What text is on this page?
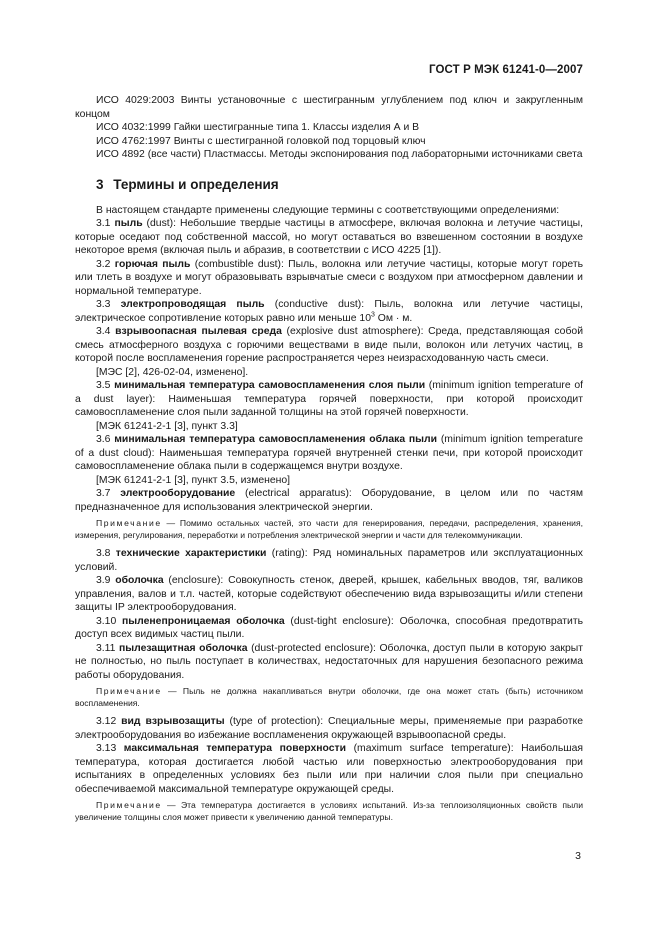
ГОСТ Р МЭК 61241-0—2007

ИСО 4029:2003 Винты установочные с шестигранным углублением под ключ и закругленным концом

ИСО 4032:1999 Гайки шестигранные типа 1. Классы изделия А и В

ИСО 4762:1997 Винты с шестигранной головкой под торцовый ключ

ИСО 4892 (все части) Пластмассы. Методы экспонирования под лабораторными источниками света

3 Термины и определения

В настоящем стандарте применены следующие термины с соответствующими определениями:

3.1 пыль (dust): Небольшие твердые частицы в атмосфере, включая волокна и летучие частицы, которые оседают под собственной массой, но могут оставаться во взвешенном состоянии в воздухе некоторое время (включая пыль и абразив, в соответствии с ИСО 4225 [1]).

3.2 горючая пыль (combustible dust): Пыль, волокна или летучие частицы, которые могут гореть или тлеть в воздухе и могут образовывать взрывчатые смеси с воздухом при атмосферном давлении и нормальной температуре.

3.3 электропроводящая пыль (conductive dust): Пыль, волокна или летучие частицы, электрическое сопротивление которых равно или меньше $10^3$ Ом · м.

3.4 взрывоопасная пылевая среда (explosive dust atmosphere): Среда, представляющая собой смесь атмосферного воздуха с горючими веществами в виде пыли, волокон или летучих частиц, в которой после воспламенения горение распространяется через неизрасходованную часть смеси.

[МЭС [2], 426-02-04, изменено].

3.5 минимальная температура самовоспламенения слоя пыли (minimum ignition temperature of a dust layer): Наименьшая температура горячей поверхности, при которой происходит самовоспламенение слоя пыли заданной толщины на этой горячей поверхности.

[МЭК 61241-2-1 [3], пункт 3.3]

3.6 минимальная температура самовоспламенения облака пыли (minimum ignition temperature of a dust cloud): Наименьшая температура горячей внутренней стенки печи, при которой происходит самовоспламенение облака пыли в содержащемся внутри воздухе.

[МЭК 61241-2-1 [3], пункт 3.5, изменено]

3.7 электрооборудование (electrical apparatus): Оборудование, в целом или по частям предназначенное для использования электрической энергии.

Примечание — Помимо остальных частей, это части для генерирования, передачи, распределения, хранения, измерения, регулирования, переработки и потребления электрической энергии и части для телекоммуникации.

3.8 технические характеристики (rating): Ряд номинальных параметров или эксплуатационных условий.

3.9 оболочка (enclosure): Совокупность стенок, дверей, крышек, кабельных вводов, тяг, валиков управления, валов и т.л. частей, которые содействуют обеспечению вида взрывозащиты и/или степени защиты IP электрооборудования.

3.10 пыленепроницаемая оболочка (dust-tight enclosure): Оболочка, способная предотвратить доступ всех видимых частиц пыли.

3.11 пылезащитная оболочка (dust-protected enclosure): Оболочка, доступ пыли в которую закрыт не полностью, но пыль поступает в количествах, недостаточных для нарушения безопасного режима работы оборудования.

Примечание — Пыль не должна накапливаться внутри оболочки, где она может стать (быть) источником воспламенения.

3.12 вид взрывозащиты (type of protection): Специальные меры, применяемые при разработке электрооборудования во избежание воспламенения окружающей взрывоопасной среды.

3.13 максимальная температура поверхности (maximum surface temperature): Наибольшая температура, которая достигается любой частью или поверхностью электрооборудования при испытаниях в определенных условиях без пыли или при наличии слоя пыли при специально обеспечиваемой максимальной температуре окружающей среды.

Примечание — Эта температура достигается в условиях испытаний. Из-за теплоизоляционных свойств пыли увеличение толщины слоя может привести к увеличению данной температуры.

3
